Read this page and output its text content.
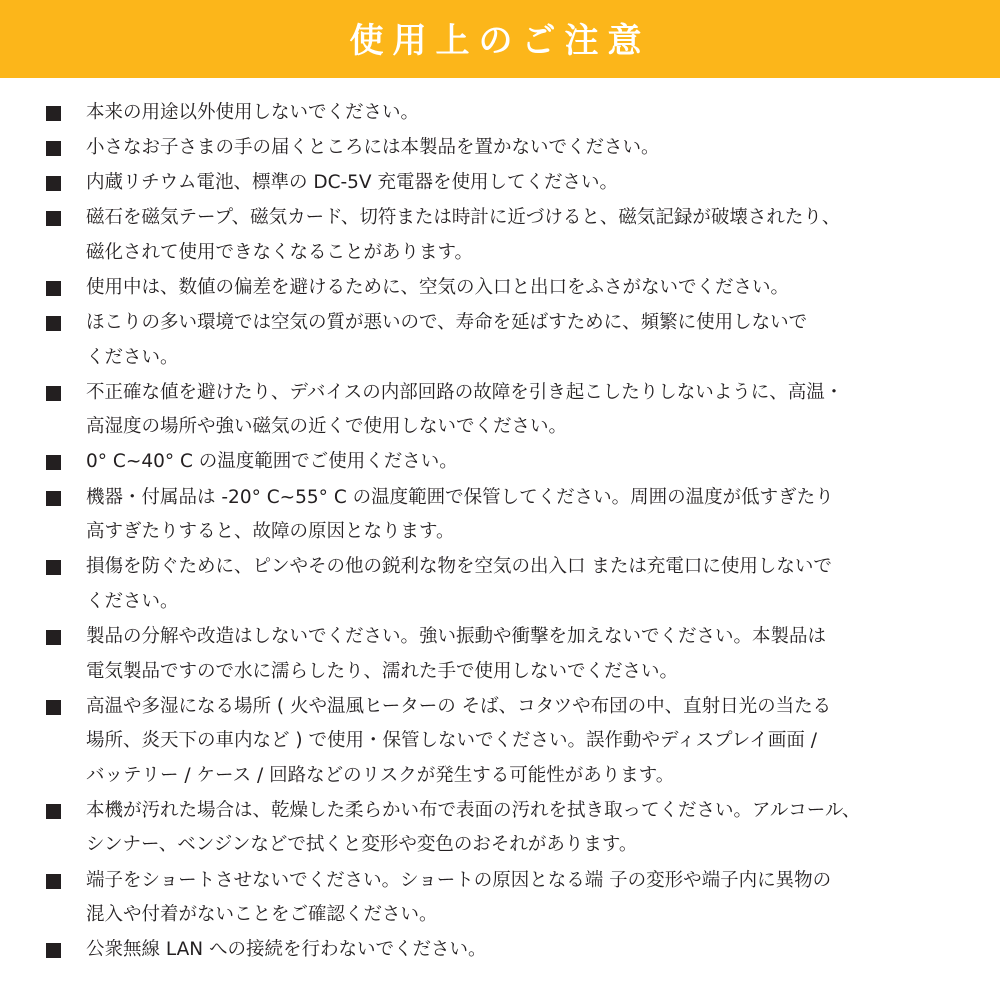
使用上のご注意
本来の用途以外使用しないでください。
小さなお子さまの手の届くところには本製品を置かないでください。
内蔵リチウム電池、標準の DC-5V 充電器を使用してください。
磁石を磁気テープ、磁気カード、切符または時計に近づけると、磁気記録が破壊されたり、
磁化されて使用できなくなることがあります。
使用中は、数値の偏差を避けるために、空気の入口と出口をふさがないでください。
ほこりの多い環境では空気の質が悪いので、寿命を延ばすために、頻繁に使用しないで
ください。
不正確な値を避けたり、デバイスの内部回路の故障を引き起こしたりしないように、高温・
高湿度の場所や強い磁気の近くで使用しないでください。
0° C~40° C の温度範囲でご使用ください。
機器・付属品は -20° C~55° C の温度範囲で保管してください。周囲の温度が低すぎたり
高すぎたりすると、故障の原因となります。
損傷を防ぐために、ピンやその他の鋭利な物を空気の出入口 または充電口に使用しないで
ください。
製品の分解や改造はしないでください。強い振動や衝撃を加えないでください。本製品は
電気製品ですので水に濡らしたり、濡れた手で使用しないでください。
高温や多湿になる場所 ( 火や温風ヒーターの そば、コタツや布団の中、直射日光の当たる
場所、炎天下の車内など ) で使用・保管しないでください。誤作動やディスプレイ画面 /
バッテリー / ケース / 回路などのリスクが発生する可能性があります。
本機が汚れた場合は、乾燥した柔らかい布で表面の汚れを拭き取ってください。アルコール、
シンナー、ベンジンなどで拭くと変形や変色のおそれがあります。
端子をショートさせないでください。ショートの原因となる端 子の変形や端子内に異物の
混入や付着がないことをご確認ください。
公衆無線 LAN への接続を行わないでください。
